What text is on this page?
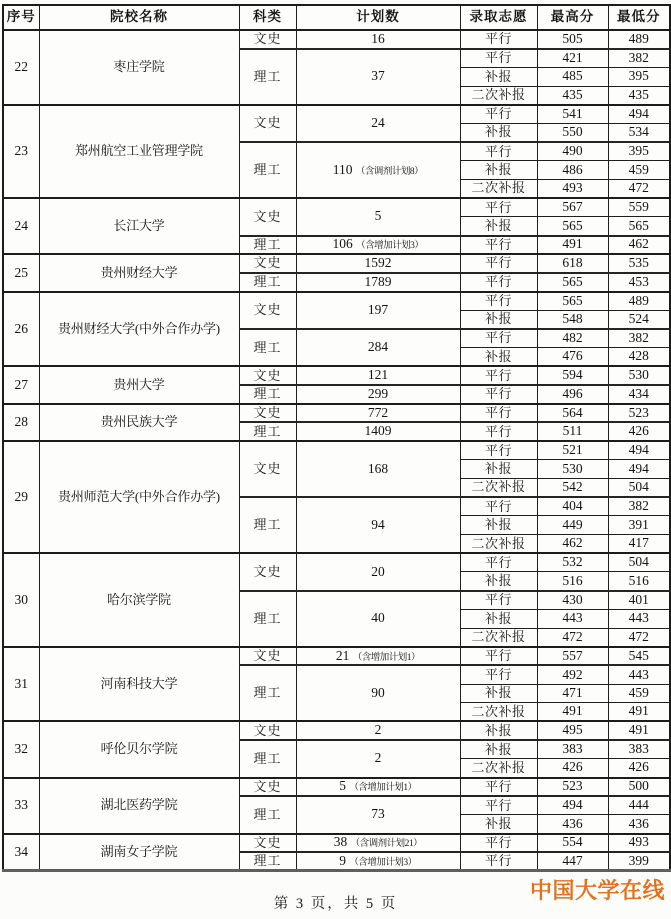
序号	院校名称	科类	计划数	录取志愿	最高分	最低分
22	枣庄学院	文史	16	平行	505	489
		理工	37	平行	421	382
				补报	485	395
				二次补报	435	435
23	郑州航空工业管理学院	文史	24	平行	541	494
				补报	550	534
		理工	110 （含调剂计划8）	平行	490	395
				补报	486	459
				二次补报	493	472
24	长江大学	文史	5	平行	567	559
				补报	565	565
		理工	106 （含增加计划3）	平行	491	462
25	贵州财经大学	文史	1592	平行	618	535
		理工	1789	平行	565	453
26	贵州财经大学(中外合作办学)	文史	197	平行	565	489
				补报	548	524
		理工	284	平行	482	382
				补报	476	428
27	贵州大学	文史	121	平行	594	530
		理工	299	平行	496	434
28	贵州民族大学	文史	772	平行	564	523
		理工	1409	平行	511	426
29	贵州师范大学(中外合作办学)	文史	168	平行	521	494
				补报	530	494
				二次补报	542	504
		理工	94	平行	404	382
				补报	449	391
				二次补报	462	417
30	哈尔滨学院	文史	20	平行	532	504
				补报	516	516
		理工	40	平行	430	401
				补报	443	443
				二次补报	472	472
31	河南科技大学	文史	21 （含增加计划1）	平行	557	545
		理工	90	平行	492	443
				补报	471	459
				二次补报	491	491
32	呼伦贝尔学院	文史	2	补报	495	491
		理工	2	补报	383	383
				二次补报	426	426
33	湖北医药学院	文史	5 （含增加计划1）	平行	523	500
		理工	73	平行	494	444
				补报	436	436
34	湖南女子学院	文史	38 （含调剂计划21）	平行	554	493
		理工	9 （含增加计划3）	平行	447	399
第 3 页，共 5 页
中国大学在线
